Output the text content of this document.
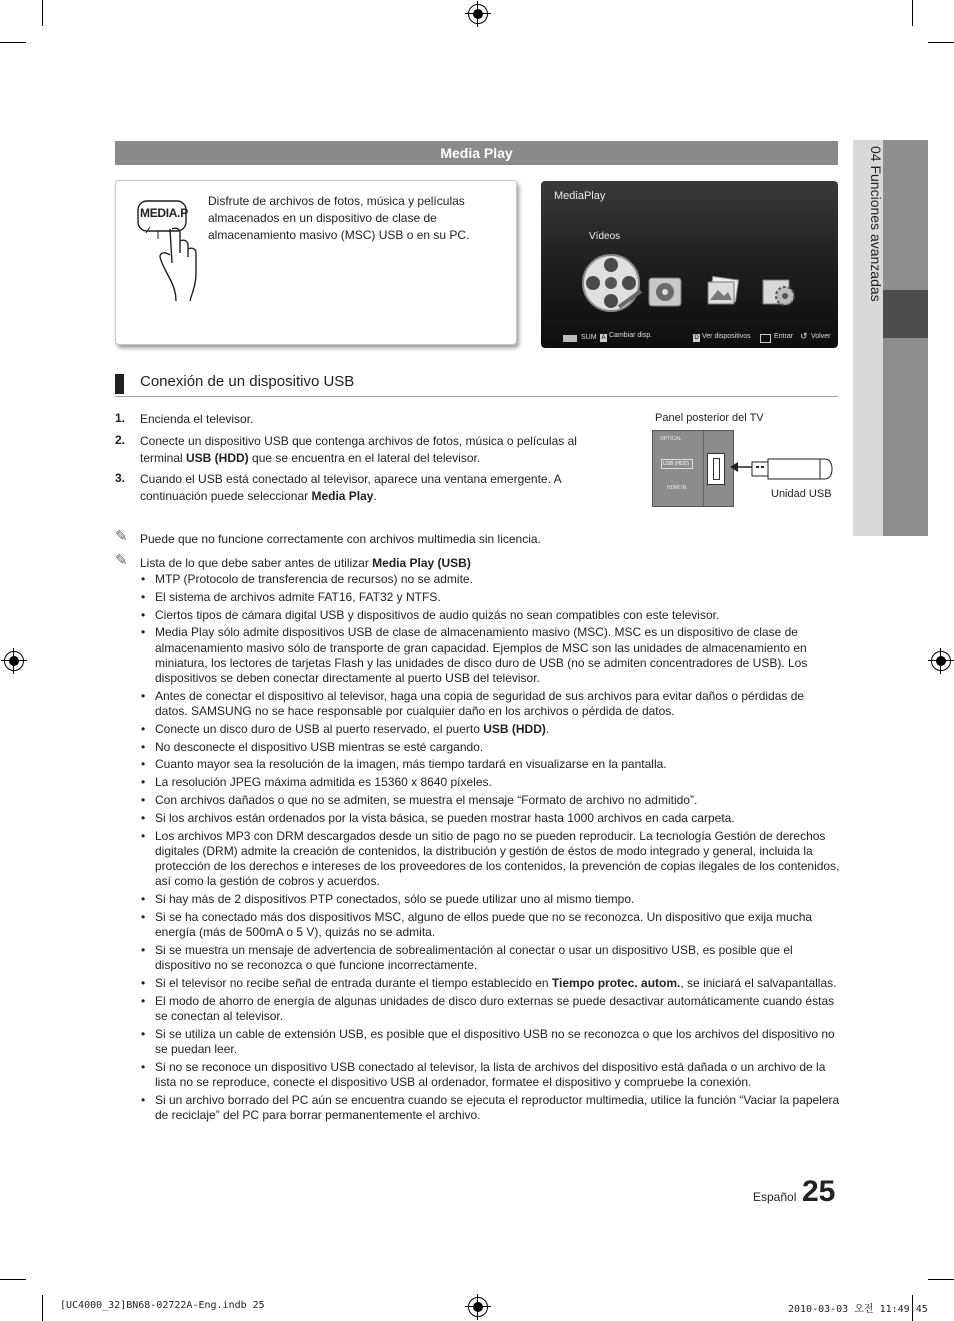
04 Funciones avanzadas
Media Play
MEDIA.P
Disfrute de archivos de fotos, música y películas almacenados en un dispositivo de clase de almacenamiento masivo (MSC) USB o en su PC.
MediaPlay
Vídeos
›
SUM A Cambiar disp.	D Ver dispositivos	Entrar ↺ Volver
Conexión de un dispositivo USB
1. Encienda el televisor.
2. Conecte un dispositivo USB que contenga archivos de fotos, música o películas al terminal USB (HDD) que se encuentra en el lateral del televisor.
3. Cuando el USB está conectado al televisor, aparece una ventana emergente. A continuación puede seleccionar Media Play.
Panel posterior del TV
OPTICAL
USB (HDD)
HDMI IN	Unidad USB
✎ Puede que no funcione correctamente con archivos multimedia sin licencia.
✎ Lista de lo que debe saber antes de utilizar Media Play (USB)
• MTP (Protocolo de transferencia de recursos) no se admite.
• El sistema de archivos admite FAT16, FAT32 y NTFS.
• Ciertos tipos de cámara digital USB y dispositivos de audio quizás no sean compatibles con este televisor.
• Media Play sólo admite dispositivos USB de clase de almacenamiento masivo (MSC). MSC es un dispositivo de clase de almacenamiento masivo sólo de transporte de gran capacidad. Ejemplos de MSC son las unidades de almacenamiento en miniatura, los lectores de tarjetas Flash y las unidades de disco duro de USB (no se admiten concentradores de USB). Los dispositivos se deben conectar directamente al puerto USB del televisor.
• Antes de conectar el dispositivo al televisor, haga una copia de seguridad de sus archivos para evitar daños o pérdidas de datos. SAMSUNG no se hace responsable por cualquier daño en los archivos o pérdida de datos.
• Conecte un disco duro de USB al puerto reservado, el puerto USB (HDD).
• No desconecte el dispositivo USB mientras se esté cargando.
• Cuanto mayor sea la resolución de la imagen, más tiempo tardará en visualizarse en la pantalla.
• La resolución JPEG máxima admitida es 15360 x 8640 píxeles.
• Con archivos dañados o que no se admiten, se muestra el mensaje “Formato de archivo no admitido”.
• Si los archivos están ordenados por la vista básica, se pueden mostrar hasta 1000 archivos en cada carpeta.
• Los archivos MP3 con DRM descargados desde un sitio de pago no se pueden reproducir. La tecnología Gestión de derechos digitales (DRM) admite la creación de contenidos, la distribución y gestión de éstos de modo integrado y general, incluida la protección de los derechos e intereses de los proveedores de los contenidos, la prevención de copias ilegales de los contenidos, así como la gestión de cobros y acuerdos.
• Si hay más de 2 dispositivos PTP conectados, sólo se puede utilizar uno al mismo tiempo.
• Si se ha conectado más dos dispositivos MSC, alguno de ellos puede que no se reconozca. Un dispositivo que exija mucha energía (más de 500mA o 5 V), quizás no se admita.
• Si se muestra un mensaje de advertencia de sobrealimentación al conectar o usar un dispositivo USB, es posible que el dispositivo no se reconozca o que funcione incorrectamente.
• Si el televisor no recibe señal de entrada durante el tiempo establecido en Tiempo protec. autom., se iniciará el salvapantallas.
• El modo de ahorro de energía de algunas unidades de disco duro externas se puede desactivar automáticamente cuando éstas se conectan al televisor.
• Si se utiliza un cable de extensión USB, es posible que el dispositivo USB no se reconozca o que los archivos del dispositivo no se puedan leer.
• Si no se reconoce un dispositivo USB conectado al televisor, la lista de archivos del dispositivo está dañada o un archivo de la lista no se reproduce, conecte el dispositivo USB al ordenador, formatee el dispositivo y compruebe la conexión.
• Si un archivo borrado del PC aún se encuentra cuando se ejecuta el reproductor multimedia, utilice la función “Vaciar la papelera de reciclaje” del PC para borrar permanentemente el archivo.
Español 25
[UC4000_32]BN68-02722A-Eng.indb 25	2010-03-03 오전 11:49:45
